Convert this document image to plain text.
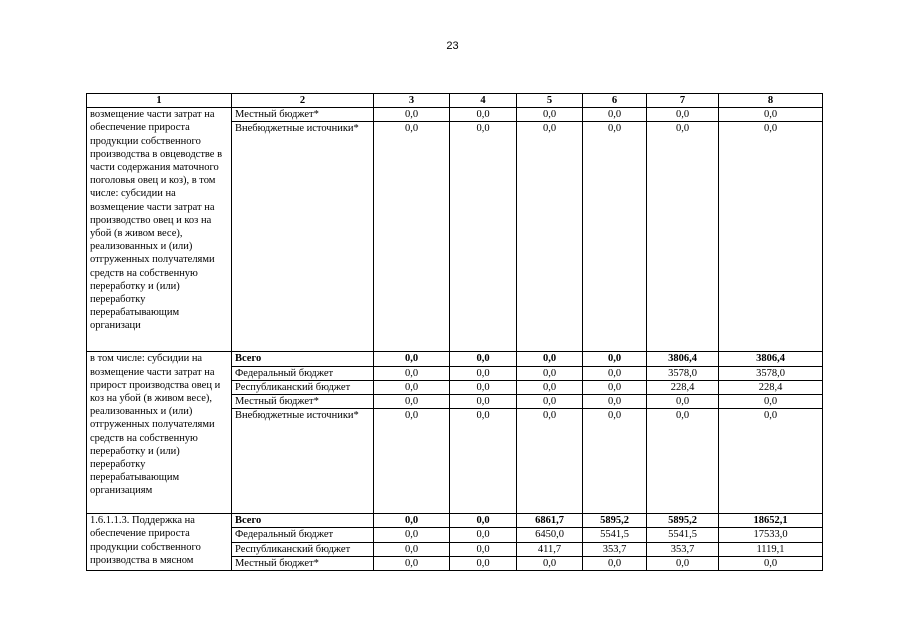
23
1	2	3	4	5	6	7	8
возмещение части затрат на обеспечение прироста продукции собственного производства в овцеводстве в части содержания маточного поголовья овец и коз), в том числе: субсидии на возмещение части затрат на производство овец и коз на убой (в живом весе), реализованных и (или) отгруженных получателями средств на собственную переработку и (или) переработку перерабатывающим организаци	Местный бюджет*	0,0	0,0	0,0	0,0	0,0	0,0
	Внебюджетные источники*	0,0	0,0	0,0	0,0	0,0	0,0
в том числе: субсидии на возмещение части затрат на прирост производства овец и коз на убой (в живом весе), реализованных и (или) отгруженных получателями средств на собственную переработку и (или) переработку перерабатывающим организациям	Всего	0,0	0,0	0,0	0,0	3806,4	3806,4
	Федеральный бюджет	0,0	0,0	0,0	0,0	3578,0	3578,0
	Республиканский бюджет	0,0	0,0	0,0	0,0	228,4	228,4
	Местный бюджет*	0,0	0,0	0,0	0,0	0,0	0,0
	Внебюджетные источники*	0,0	0,0	0,0	0,0	0,0	0,0
1.6.1.1.3. Поддержка на обеспечение прироста продукции собственного производства в мясном	Всего	0,0	0,0	6861,7	5895,2	5895,2	18652,1
	Федеральный бюджет	0,0	0,0	6450,0	5541,5	5541,5	17533,0
	Республиканский бюджет	0,0	0,0	411,7	353,7	353,7	1119,1
	Местный бюджет*	0,0	0,0	0,0	0,0	0,0	0,0
